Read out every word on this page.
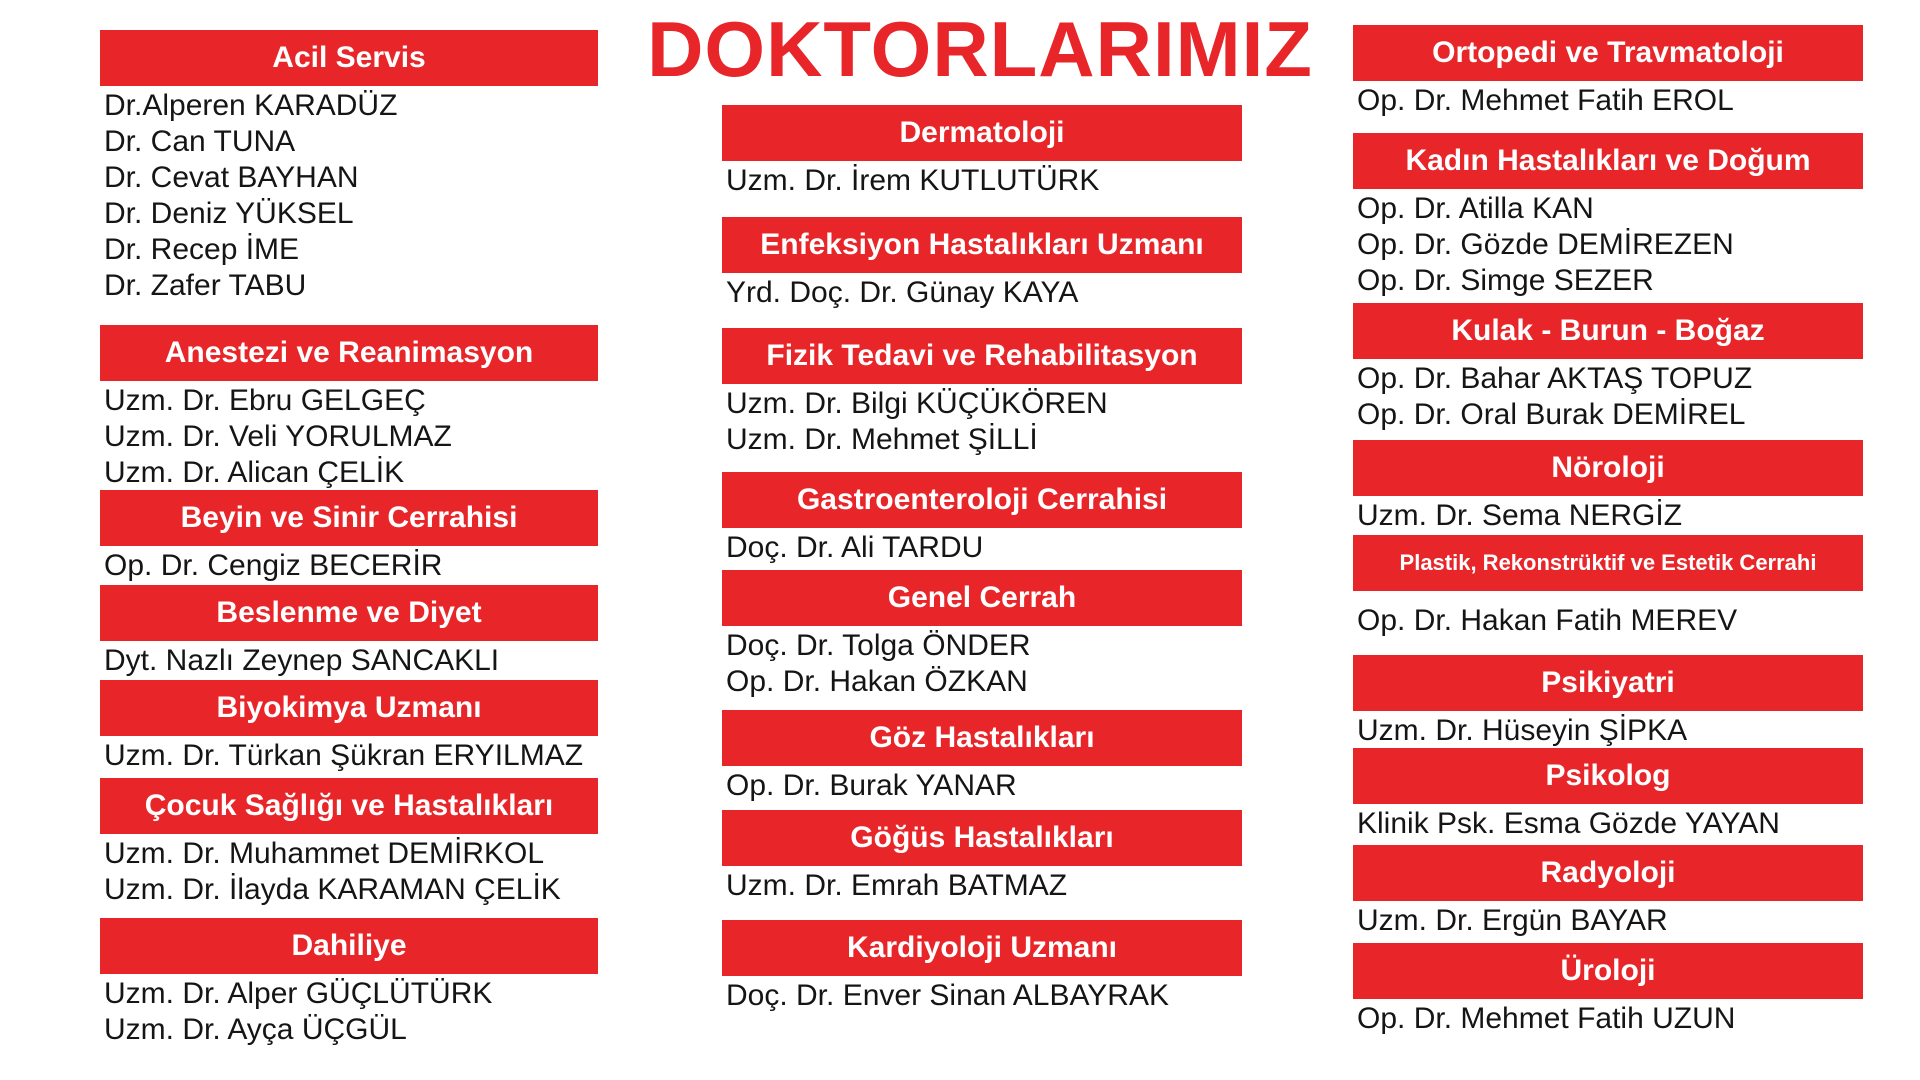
DOKTORLARIMIZ
Acil Servis
Dr.Alperen KARADÜZ
Dr. Can TUNA
Dr. Cevat BAYHAN
Dr. Deniz YÜKSEL
Dr. Recep İME
Dr. Zafer TABU
Anestezi ve Reanimasyon
Uzm. Dr. Ebru GELGEÇ
Uzm. Dr. Veli YORULMAZ
Uzm. Dr. Alican ÇELİK
Beyin ve Sinir Cerrahisi
Op. Dr. Cengiz BECERİR
Beslenme ve Diyet
Dyt. Nazlı Zeynep SANCAKLI
Biyokimya Uzmanı
Uzm. Dr. Türkan Şükran ERYILMAZ
Çocuk Sağlığı ve Hastalıkları
Uzm. Dr. Muhammet DEMİRKOL
Uzm. Dr. İlayda KARAMAN ÇELİK
Dahiliye
Uzm. Dr. Alper GÜÇLÜTÜRK
Uzm. Dr. Ayça ÜÇGÜL
Dermatoloji
Uzm. Dr. İrem KUTLUTÜRK
Enfeksiyon Hastalıkları Uzmanı
Yrd. Doç. Dr. Günay KAYA
Fizik Tedavi ve Rehabilitasyon
Uzm. Dr. Bilgi KÜÇÜKÖREN
Uzm. Dr. Mehmet ŞİLLİ
Gastroenteroloji Cerrahisi
Doç. Dr. Ali TARDU
Genel Cerrah
Doç. Dr. Tolga ÖNDER
Op. Dr. Hakan ÖZKAN
Göz Hastalıkları
Op. Dr. Burak YANAR
Göğüs Hastalıkları
Uzm. Dr. Emrah BATMAZ
Kardiyoloji Uzmanı
Doç. Dr. Enver Sinan ALBAYRAK
Ortopedi ve Travmatoloji
Op. Dr. Mehmet Fatih EROL
Kadın Hastalıkları ve Doğum
Op. Dr. Atilla KAN
Op. Dr. Gözde DEMİREZEN
Op. Dr. Simge SEZER
Kulak - Burun - Boğaz
Op. Dr. Bahar AKTAŞ TOPUZ
Op. Dr. Oral Burak DEMİREL
Nöroloji
Uzm. Dr. Sema NERGİZ
Plastik, Rekonstrüktif ve Estetik Cerrahi
Op. Dr. Hakan Fatih MEREV
Psikiyatri
Uzm. Dr. Hüseyin ŞİPKA
Psikolog
Klinik Psk. Esma Gözde YAYAN
Radyoloji
Uzm. Dr. Ergün BAYAR
Üroloji
Op. Dr. Mehmet Fatih UZUN
